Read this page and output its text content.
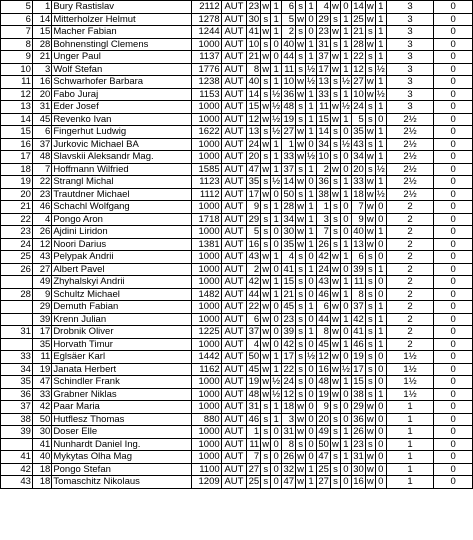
5	1	Bury Rastislav	2112	AUT	23	w	1	6	s	1	4	w	0	14	w	1	3	0
6	14	Mitterholzer Helmut	1278	AUT	30	s	1	5	w	0	29	s	1	25	w	1	3	0
7	15	Macher Fabian	1244	AUT	41	w	1	2	s	0	23	w	1	21	s	1	3	0
8	28	Bohnenstingl Clemens	1000	AUT	10	s	0	40	w	1	31	s	1	28	w	1	3	0
9	21	Unger Paul	1137	AUT	21	w	0	44	s	1	37	w	1	22	s	1	3	0
10	3	Wolf Stefan	1776	AUT	8	w	1	11	s	½	17	w	1	12	s	½	3	0
11	16	Schwarhofer Barbara	1238	AUT	40	s	1	10	w	½	13	s	½	27	w	1	3	0
12	20	Fabo Juraj	1153	AUT	14	s	½	36	w	1	33	s	1	10	w	½	3	0
13	31	Eder Josef	1000	AUT	15	w	½	48	s	1	11	w	½	24	s	1	3	0
14	45	Revenko Ivan	1000	AUT	12	w	½	19	s	1	15	w	1	5	s	0	2½	0
15	6	Fingerhut Ludwig	1622	AUT	13	s	½	27	w	1	14	s	0	35	w	1	2½	0
16	37	Jurkovic Michael BA	1000	AUT	24	w	1	1	w	0	34	s	½	43	s	1	2½	0
17	48	Slavskii Aleksandr Mag.	1000	AUT	20	s	1	33	w	½	10	s	0	34	w	1	2½	0
18	7	Hoffmann Wilfried	1585	AUT	47	w	1	37	s	1	2	w	0	20	s	½	2½	0
19	22	Strangl Michal	1123	AUT	35	s	½	14	w	0	36	s	1	33	w	1	2½	0
20	23	Trautdner Michael	1112	AUT	17	w	0	50	s	1	38	w	1	18	w	½	2½	0
21	46	Schachl Wolfgang	1000	AUT	9	s	1	28	w	1	1	s	0	7	w	0	2	0
22	4	Pongo Aron	1718	AUT	29	s	1	34	w	1	3	s	0	9	w	0	2	0
23	26	Ajdini Liridon	1000	AUT	5	s	0	30	w	1	7	s	0	40	w	1	2	0
24	12	Noori Darius	1381	AUT	16	s	0	35	w	1	26	s	1	13	w	0	2	0
25	43	Pelypak Andrii	1000	AUT	43	w	1	4	s	0	42	w	1	6	s	0	2	0
26	27	Albert Pavel	1000	AUT	2	w	0	41	s	1	24	w	0	39	s	1	2	0
	49	Zhyhalskyi Andrii	1000	AUT	42	w	1	15	s	0	43	w	1	11	s	0	2	0
28	9	Schultz Michael	1482	AUT	44	w	1	21	s	0	46	w	1	8	s	0	2	0
	29	Demuth Fabian	1000	AUT	22	w	0	45	s	1	6	w	0	37	s	1	2	0
	39	Krenn Julian	1000	AUT	6	w	0	23	s	0	44	w	1	42	s	1	2	0
31	17	Drobnik Oliver	1225	AUT	37	w	0	39	s	1	8	w	0	41	s	1	2	0
	35	Horvath Timur	1000	AUT	4	w	0	42	s	0	45	w	1	46	s	1	2	0
33	11	Eglsäer Karl	1442	AUT	50	w	1	17	s	½	12	w	0	19	s	0	1½	0
34	19	Janata Herbert	1162	AUT	45	w	1	22	s	0	16	w	½	17	s	0	1½	0
35	47	Schindler Frank	1000	AUT	19	w	½	24	s	0	48	w	1	15	s	0	1½	0
36	33	Grabner Niklas	1000	AUT	48	w	½	12	s	0	19	w	0	38	s	1	1½	0
37	42	Paar Maria	1000	AUT	31	s	1	18	w	0	9	s	0	29	w	0	1	0
38	50	Hutflesz Thomas	880	AUT	46	s	1	3	w	0	20	s	0	36	w	0	1	0
39	30	Doser Elle	1000	AUT	1	s	0	31	w	0	49	s	1	26	w	0	1	0
	41	Nunhardt Daniel Ing.	1000	AUT	11	w	0	8	s	0	50	w	1	23	s	0	1	0
41	40	Mykytas Olha Mag	1000	AUT	7	s	0	26	w	0	47	s	1	31	w	0	1	0
42	18	Pongo Stefan	1100	AUT	27	s	0	32	w	1	25	s	0	30	w	0	1	0
43	18	Tomaschitz Nikolaus	1209	AUT	25	s	0	47	w	1	27	s	0	16	w	0	1	0
